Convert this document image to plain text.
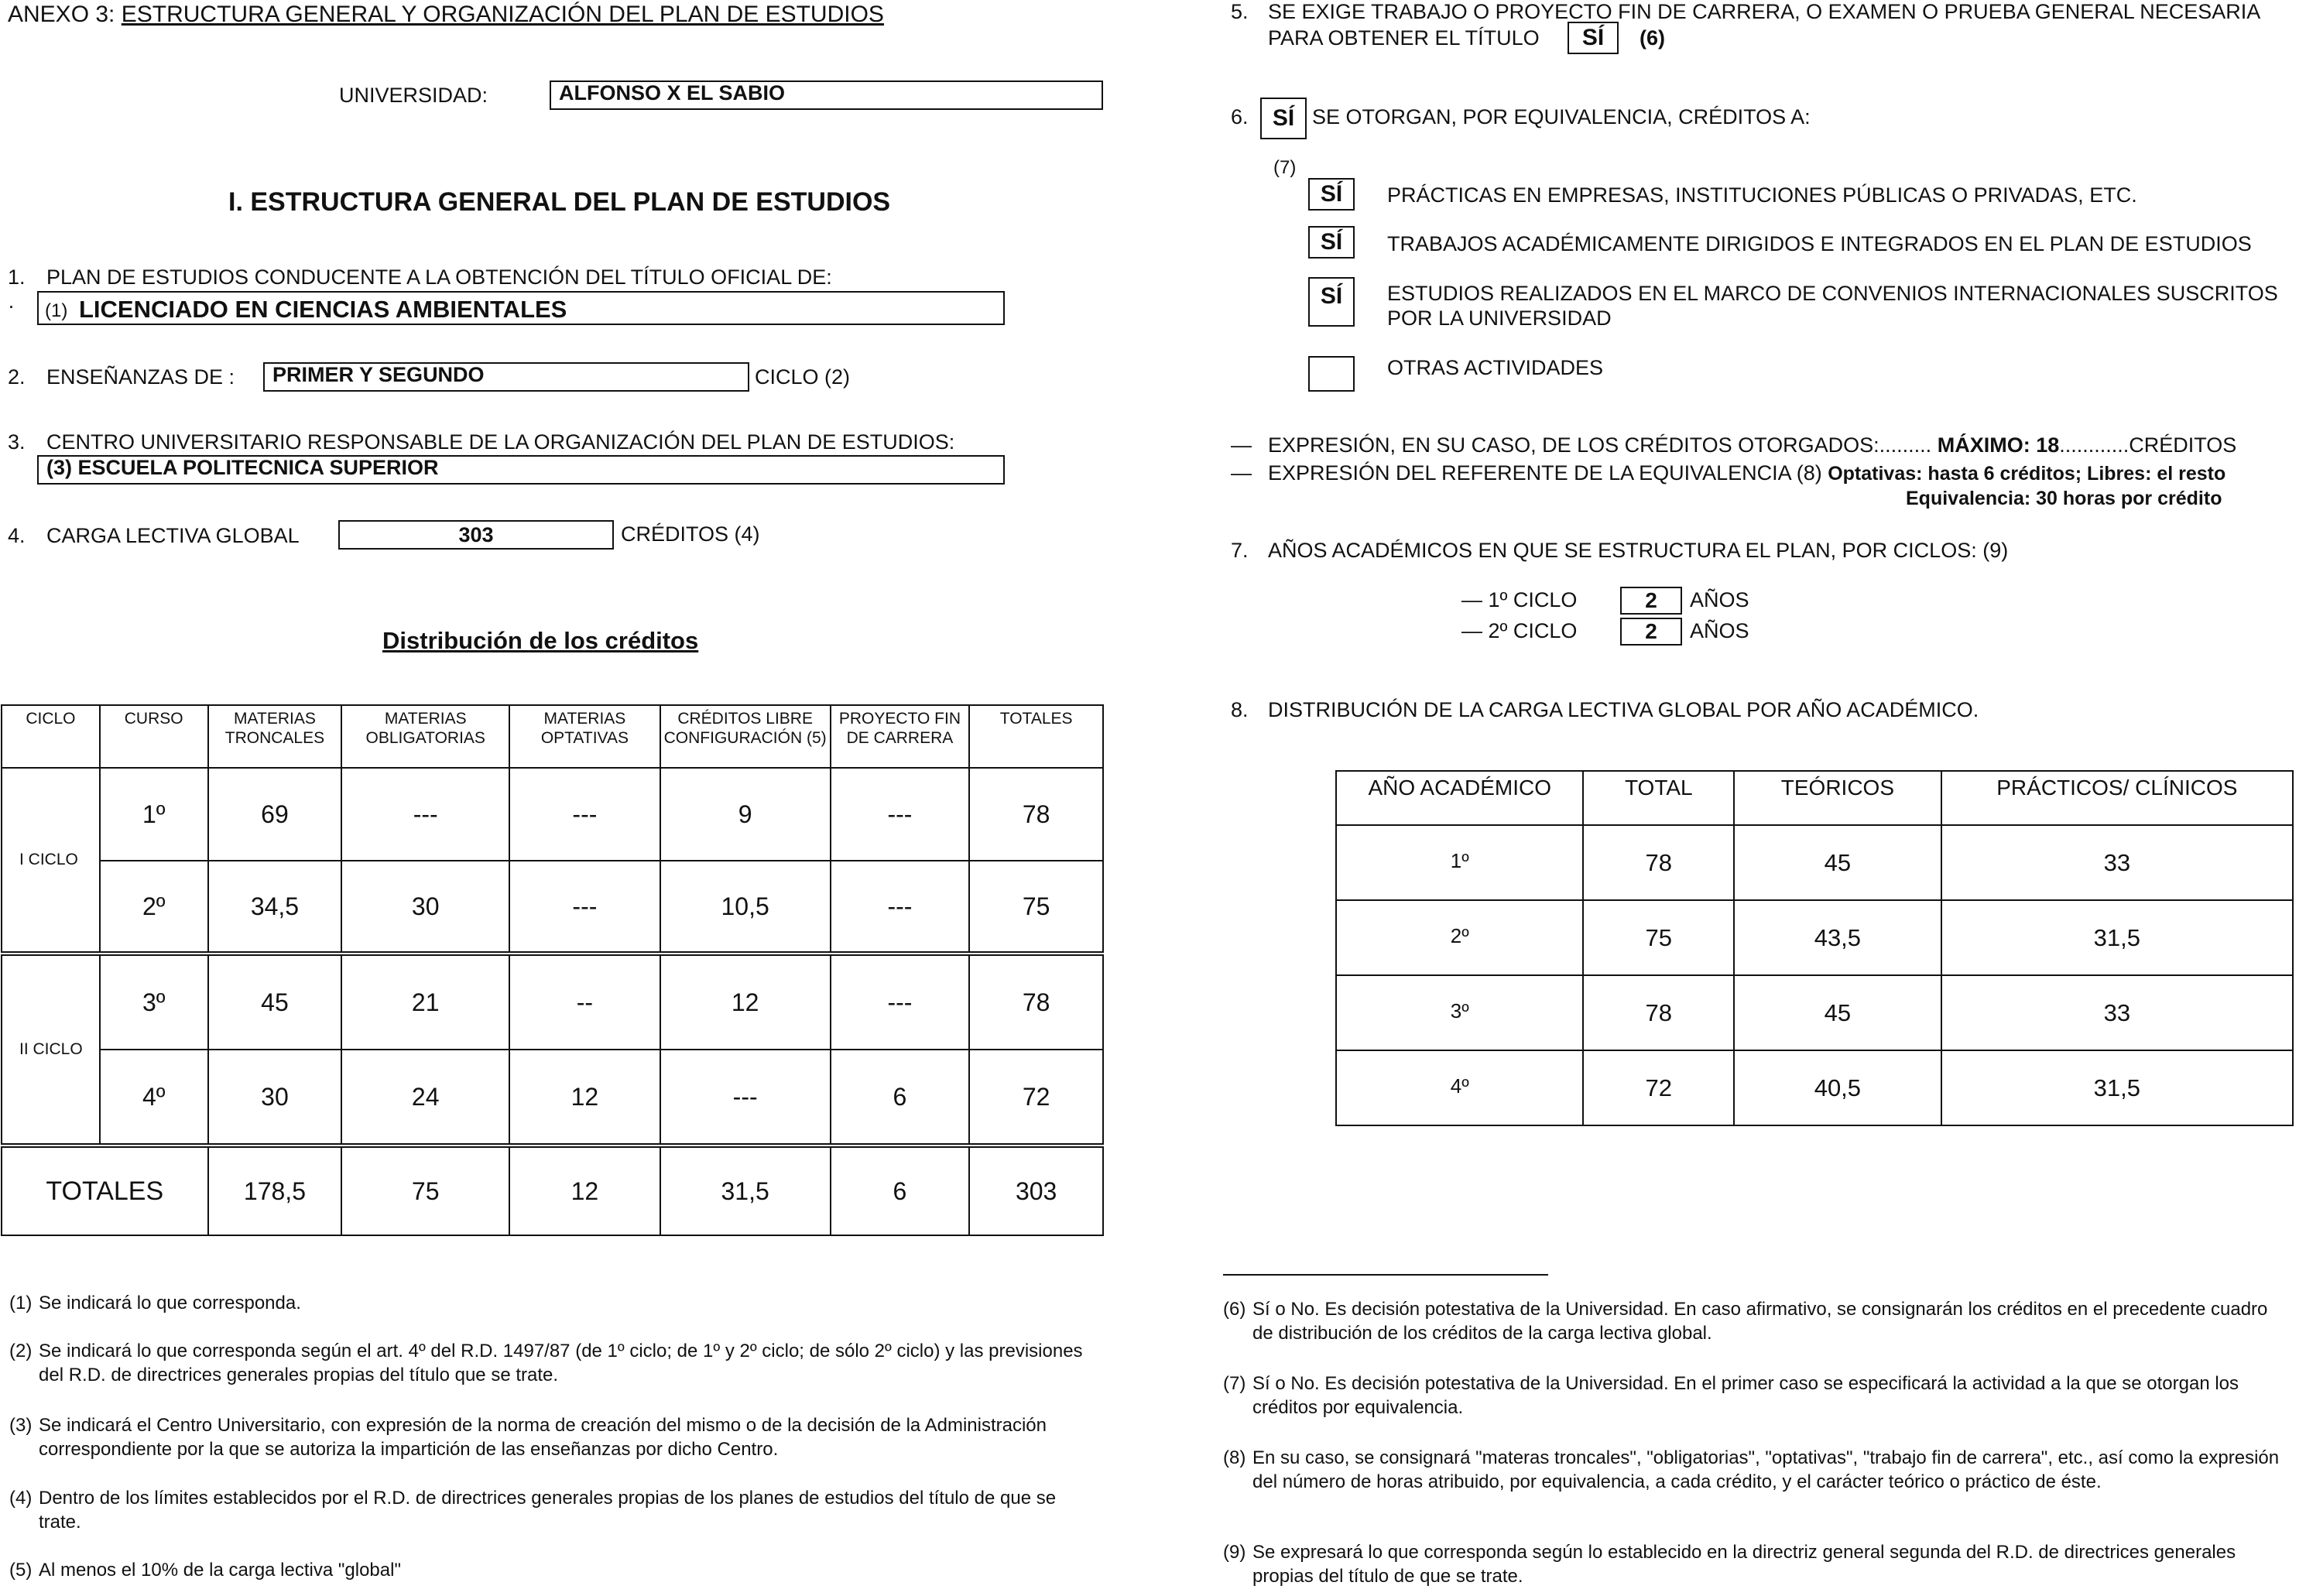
ANEXO 3: ESTRUCTURA GENERAL Y ORGANIZACIÓN DEL PLAN DE ESTUDIOS
UNIVERSIDAD:	ALFONSO X EL SABIO
I. ESTRUCTURA GENERAL DEL PLAN DE ESTUDIOS
1. PLAN DE ESTUDIOS CONDUCENTE A LA OBTENCIÓN DEL TÍTULO OFICIAL DE:
· (1) LICENCIADO EN CIENCIAS AMBIENTALES
2. ENSEÑANZAS DE :	PRIMER Y SEGUNDO	CICLO (2)
3. CENTRO UNIVERSITARIO RESPONSABLE DE LA ORGANIZACIÓN DEL PLAN DE ESTUDIOS:
(3) ESCUELA POLITECNICA SUPERIOR
4. CARGA LECTIVA GLOBAL	303	CRÉDITOS (4)
Distribución de los créditos
CICLO	CURSO	MATERIAS TRONCALES	MATERIAS OBLIGATORIAS	MATERIAS OPTATIVAS	CRÉDITOS LIBRE CONFIGURACIÓN (5)	PROYECTO FIN DE CARRERA	TOTALES
I CICLO	1º	69	---	---	9	---	78
	2º	34,5	30	---	10,5	---	75
II CICLO	3º	45	21	--	12	---	78
	4º	30	24	12	---	6	72
TOTALES		178,5	75	12	31,5	6	303
(1) Se indicará lo que corresponda.
(2) Se indicará lo que corresponda según el art. 4º del R.D. 1497/87 (de 1º ciclo; de 1º y 2º ciclo; de sólo 2º ciclo) y las previsiones del R.D. de directrices generales propias del título que se trate.
(3) Se indicará el Centro Universitario, con expresión de la norma de creación del mismo o de la decisión de la Administración correspondiente por la que se autoriza la impartición de las enseñanzas por dicho Centro.
(4) Dentro de los límites establecidos por el R.D. de directrices generales propias de los planes de estudios del título de que se trate.
(5) Al menos el 10% de la carga lectiva "global"
5. SE EXIGE TRABAJO O PROYECTO FIN DE CARRERA, O EXAMEN O PRUEBA GENERAL NECESARIA
PARA OBTENER EL TÍTULO	SÍ	(6)
6.	SÍ SE OTORGAN, POR EQUIVALENCIA, CRÉDITOS A:
(7)
SÍ	PRÁCTICAS EN EMPRESAS, INSTITUCIONES PÚBLICAS O PRIVADAS, ETC.
SÍ	TRABAJOS ACADÉMICAMENTE DIRIGIDOS E INTEGRADOS EN EL PLAN DE ESTUDIOS
SÍ	ESTUDIOS REALIZADOS EN EL MARCO DE CONVENIOS INTERNACIONALES SUSCRITOS
POR LA UNIVERSIDAD
OTRAS ACTIVIDADES
— EXPRESIÓN, EN SU CASO, DE LOS CRÉDITOS OTORGADOS:......... MÁXIMO: 18............CRÉDITOS
— EXPRESIÓN DEL REFERENTE DE LA EQUIVALENCIA (8) Optativas: hasta 6 créditos; Libres: el resto
Equivalencia: 30 horas por crédito
7. AÑOS ACADÉMICOS EN QUE SE ESTRUCTURA EL PLAN, POR CICLOS: (9)
— 1º CICLO	2	AÑOS
— 2º CICLO	2	AÑOS
8. DISTRIBUCIÓN DE LA CARGA LECTIVA GLOBAL POR AÑO ACADÉMICO.
AÑO ACADÉMICO	TOTAL	TEÓRICOS	PRÁCTICOS/ CLÍNICOS
1º	78	45	33
2º	75	43,5	31,5
3º	78	45	33
4º	72	40,5	31,5
(6) Sí o No. Es decisión potestativa de la Universidad. En caso afirmativo, se consignarán los créditos en el precedente cuadro de distribución de los créditos de la carga lectiva global.
(7) Sí o No. Es decisión potestativa de la Universidad. En el primer caso se especificará la actividad a la que se otorgan los créditos por equivalencia.
(8) En su caso, se consignará "materas troncales", "obligatorias", "optativas", "trabajo fin de carrera", etc., así como la expresión del número de horas atribuido, por equivalencia, a cada crédito, y el carácter teórico o práctico de éste.
(9) Se expresará lo que corresponda según lo establecido en la directriz general segunda del R.D. de directrices generales propias del título de que se trate.
